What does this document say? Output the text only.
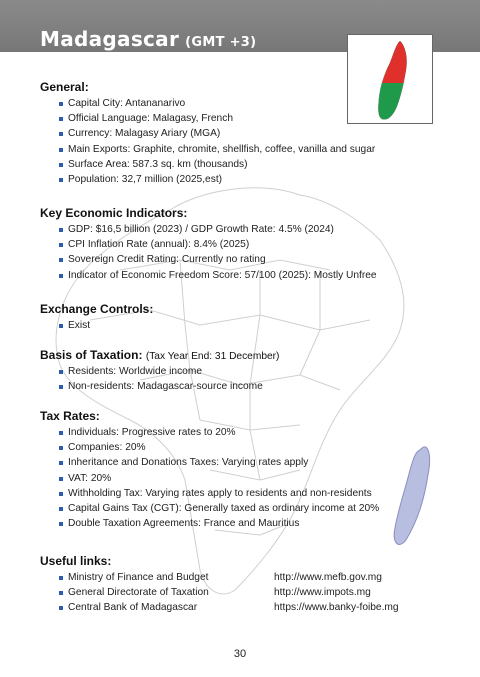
Madagascar (GMT +3)
General:
Capital City: Antananarivo
Official Language: Malagasy, French
Currency: Malagasy Ariary (MGA)
Main Exports: Graphite, chromite, shellfish, coffee, vanilla and sugar
Surface Area: 587.3 sq. km (thousands)
Population: 32,7 million (2025,est)
Key Economic Indicators:
GDP: $16,5 billion (2023) / GDP Growth Rate: 4.5% (2024)
CPI Inflation Rate (annual): 8.4% (2025)
Sovereign Credit Rating: Currently no rating
Indicator of Economic Freedom Score: 57/100 (2025): Mostly Unfree
Exchange Controls:
Exist
Basis of Taxation: (Tax Year End: 31 December)
Residents: Worldwide income
Non-residents: Madagascar-source income
Tax Rates:
Individuals: Progressive rates to 20%
Companies: 20%
Inheritance and Donations Taxes: Varying rates apply
VAT: 20%
Withholding Tax: Varying rates apply to residents and non-residents
Capital Gains Tax (CGT): Generally taxed as ordinary income at 20%
Double Taxation Agreements: France and Mauritius
Useful links:
Ministry of Finance and Budget	http://www.mefb.gov.mg
General Directorate of Taxation	http://www.impots.mg
Central Bank of Madagascar	https://www.banky-foibe.mg
30
